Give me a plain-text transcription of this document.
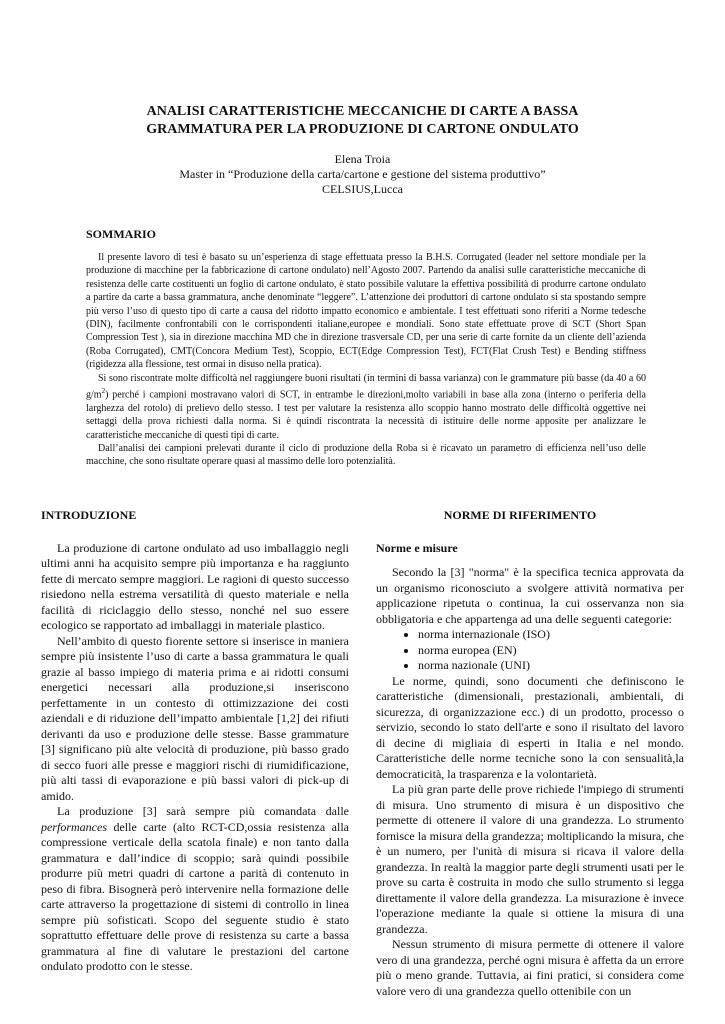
ANALISI CARATTERISTICHE MECCANICHE DI CARTE A BASSA
GRAMMATURA PER LA PRODUZIONE DI CARTONE ONDULATO
Elena Troia
Master in “Produzione della carta/cartone e gestione del sistema produttivo”
CELSIUS,Lucca
SOMMARIO

Il presente lavoro di tesi è basato su un’esperienza di stage effettuata presso la B.H.S. Corrugated (leader nel settore mondiale per la produzione di macchine per la fabbricazione di cartone ondulato) nell’Agosto 2007. Partendo da analisi sulle caratteristiche meccaniche di resistenza delle carte costituenti un foglio di cartone ondulato, è stato possibile valutare la effettiva possibilità di produrre cartone ondulato a partire da carte a bassa grammatura, anche denominate “leggere”. L’attenzione dei produttori di cartone ondulato si sta spostando sempre più verso l’uso di questo tipo di carte a causa del ridotto impatto economico e ambientale. I test effettuati sono riferiti a Norme tedesche (DIN), facilmente confrontabili con le corrispondenti italiane,europee e mondiali. Sono state effettuate prove di SCT (Short Span Compression Test ), sia in direzione macchina MD che in direzione trasversale CD, per una serie di carte fornite da un cliente dell’azienda (Roba Corrugated), CMT(Concora Medium Test), Scoppio, ECT(Edge Compression Test), FCT(Flat Crush Test) e Bending stiffness (rigidezza alla flessione, test ormai in disuso nella pratica).

Si sono riscontrate molte difficoltà nel raggiungere buoni risultati (in termini di bassa varianza) con le grammature più basse (da 40 a 60 $g/m^2$) perché i campioni mostravano valori di SCT, in entrambe le direzioni,molto variabili in base alla zona (interno o periferia della larghezza del rotolo) di prelievo dello stesso. I test per valutare la resistenza allo scoppio hanno mostrato delle difficoltà oggettive nei settaggi della prova richiesti dalla norma. Si è quindi riscontrata la necessità di istituire delle norme apposite per analizzare le caratteristiche meccaniche di questi tipi di carte.

Dall’analisi dei campioni prelevati durante il ciclo di produzione della Roba si è ricavato un parametro di efficienza nell’uso delle macchine, che sono risultate operare quasi al massimo delle loro potenzialità.

INTRODUZIONE

La produzione di cartone ondulato ad uso imballaggio negli ultimi anni ha acquisito sempre più importanza e ha raggiunto fette di mercato sempre maggiori. Le ragioni di questo successo risiedono nella estrema versatilità di questo materiale e nella facilità di riciclaggio dello stesso, nonché nel suo essere ecologico se rapportato ad imballaggi in materiale plastico.

Nell’ambito di questo fiorente settore si inserisce in maniera sempre più insistente l’uso di carte a bassa grammatura le quali grazie al basso impiego di materia prima e ai ridotti consumi energetici necessari alla produzione,si inseriscono perfettamente in un contesto di ottimizzazione dei costi aziendali e di riduzione dell’impatto ambientale [1,2] dei rifiuti derivanti da uso e produzione delle stesse. Basse grammature [3] significano più alte velocità di produzione, più basso grado di secco fuori alle presse e maggiori rischi di riumidificazione, più alti tassi di evaporazione e più bassi valori di pick-up di amido.

La produzione [3] sarà sempre più comandata dalle performances delle carte (alto RCT-CD,ossia resistenza alla compressione verticale della scatola finale) e non tanto dalla grammatura e dall’indice di scoppio; sarà quindi possibile produrre più metri quadri di cartone a parità di contenuto in peso di fibra. Bisognerà però intervenire nella formazione delle carte attraverso la progettazione di sistemi di controllo in linea sempre più sofisticati. Scopo del seguente studio è stato soprattutto effettuare delle prove di resistenza su carte a bassa grammatura al fine di valutare le prestazioni del cartone ondulato prodotto con le stesse.

NORME DI RIFERIMENTO
Norme e misure

Secondo la [3] "norma" è la specifica tecnica approvata da un organismo riconosciuto a svolgere attività normativa per applicazione ripetuta o continua, la cui osservanza non sia obbligatoria e che appartenga ad una delle seguenti categorie:

• norma internazionale (ISO)
• norma europea (EN)
• norma nazionale (UNI)

Le norme, quindi, sono documenti che definiscono le caratteristiche (dimensionali, prestazionali, ambientali, di sicurezza, di organizzazione ecc.) di un prodotto, processo o servizio, secondo lo stato dell'arte e sono il risultato del lavoro di decine di migliaia di esperti in Italia e nel mondo. Caratteristiche delle norme tecniche sono la con sensualità,la democraticità, la trasparenza e la volontarietà.

La più gran parte delle prove richiede l'impiego di strumenti di misura. Uno strumento di misura è un dispositivo che permette di ottenere il valore di una grandezza. Lo strumento fornisce la misura della grandezza; moltiplicando la misura, che è un numero, per l'unità di misura si ricava il valore della grandezza. In realtà la maggior parte degli strumenti usati per le prove su carta è costruita in modo che sullo strumento si legga direttamente il valore della grandezza. La misurazione è invece l'operazione mediante la quale si ottiene la misura di una grandezza.

Nessun strumento di misura permette di ottenere il valore vero di una grandezza, perché ogni misura è affetta da un errore più o meno grande. Tuttavia, ai fini pratici, si considera come valore vero di una grandezza quello ottenibile con un
